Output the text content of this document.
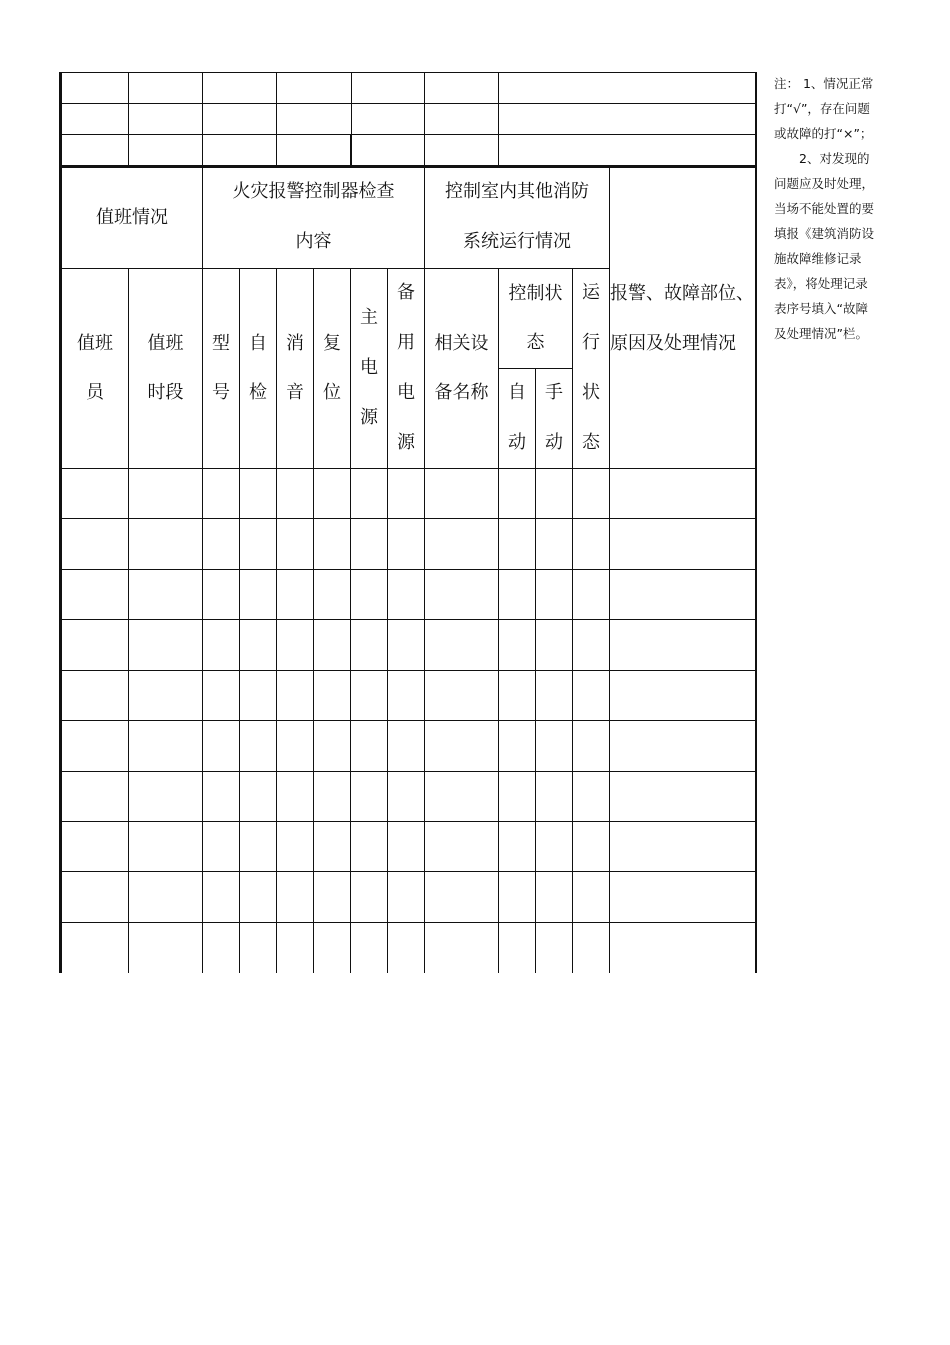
值班情况
火灾报警控制器检查
内容
控制室内其他消防
系统运行情况
报警、故障部位、
原因及处理情况
值班
员
值班
时段
型
号
自
检
消
音
复
位
主
电
源
备
用
电
源
相关设
备名称
控制状
态
自
动
手
动
运
行
状
态

注： 1、情况正常打“√”，存在问题或故障的打“×”；

2、对发现的问题应及时处理， 当场不能处置的要填报《建筑消防设施故障维修记录表》，将处理记录表序号填入“故障及处理情况”栏。
